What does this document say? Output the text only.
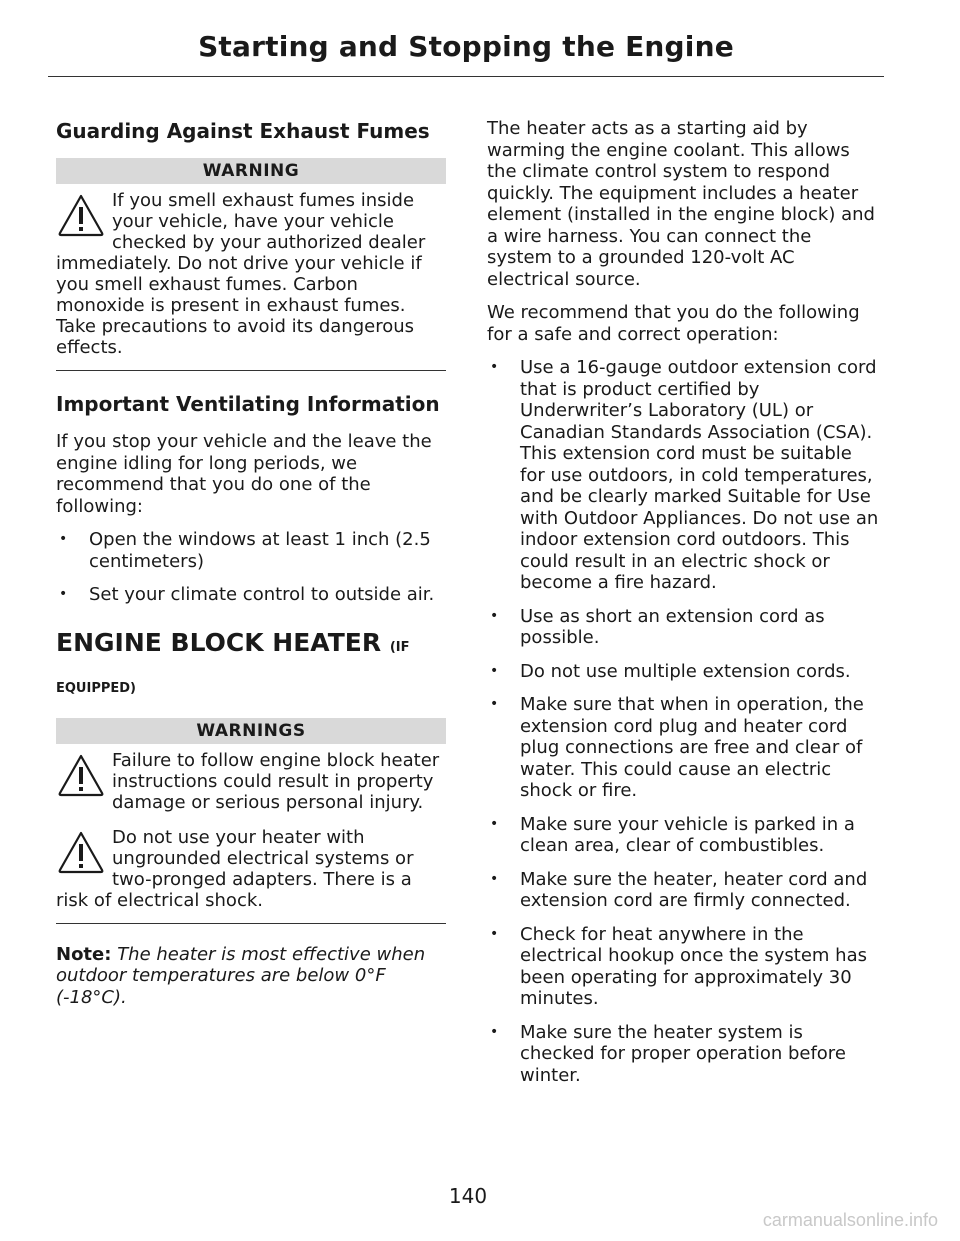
Starting and Stopping the Engine
Guarding Against Exhaust Fumes
WARNING
If you smell exhaust fumes inside your vehicle, have your vehicle checked by your authorized dealer immediately. Do not drive your vehicle if you smell exhaust fumes. Carbon monoxide is present in exhaust fumes. Take precautions to avoid its dangerous effects.
Important Ventilating Information

If you stop your vehicle and the leave the engine idling for long periods, we recommend that you do one of the following:

• Open the windows at least 1 inch (2.5 centimeters)
• Set your climate control to outside air.
ENGINE BLOCK HEATER (IF
EQUIPPED)
WARNINGS
Failure to follow engine block heater instructions could result in property damage or serious personal injury.
Do not use your heater with ungrounded electrical systems or two-pronged adapters. There is a risk of electrical shock.

Note: The heater is most effective when outdoor temperatures are below 0°F (-18°C).

The heater acts as a starting aid by warming the engine coolant. This allows the climate control system to respond quickly. The equipment includes a heater element (installed in the engine block) and a wire harness. You can connect the system to a grounded 120-volt AC electrical source.

We recommend that you do the following for a safe and correct operation:

• Use a 16-gauge outdoor extension cord that is product certified by Underwriter’s Laboratory (UL) or Canadian Standards Association (CSA). This extension cord must be suitable for use outdoors, in cold temperatures, and be clearly marked Suitable for Use with Outdoor Appliances. Do not use an indoor extension cord outdoors. This could result in an electric shock or become a fire hazard.
• Use as short an extension cord as possible.
• Do not use multiple extension cords.
• Make sure that when in operation, the extension cord plug and heater cord plug connections are free and clear of water. This could cause an electric shock or fire.
• Make sure your vehicle is parked in a clean area, clear of combustibles.
• Make sure the heater, heater cord and extension cord are firmly connected.
• Check for heat anywhere in the electrical hookup once the system has been operating for approximately 30 minutes.
• Make sure the heater system is checked for proper operation before winter.
140
carmanualsonline.info
